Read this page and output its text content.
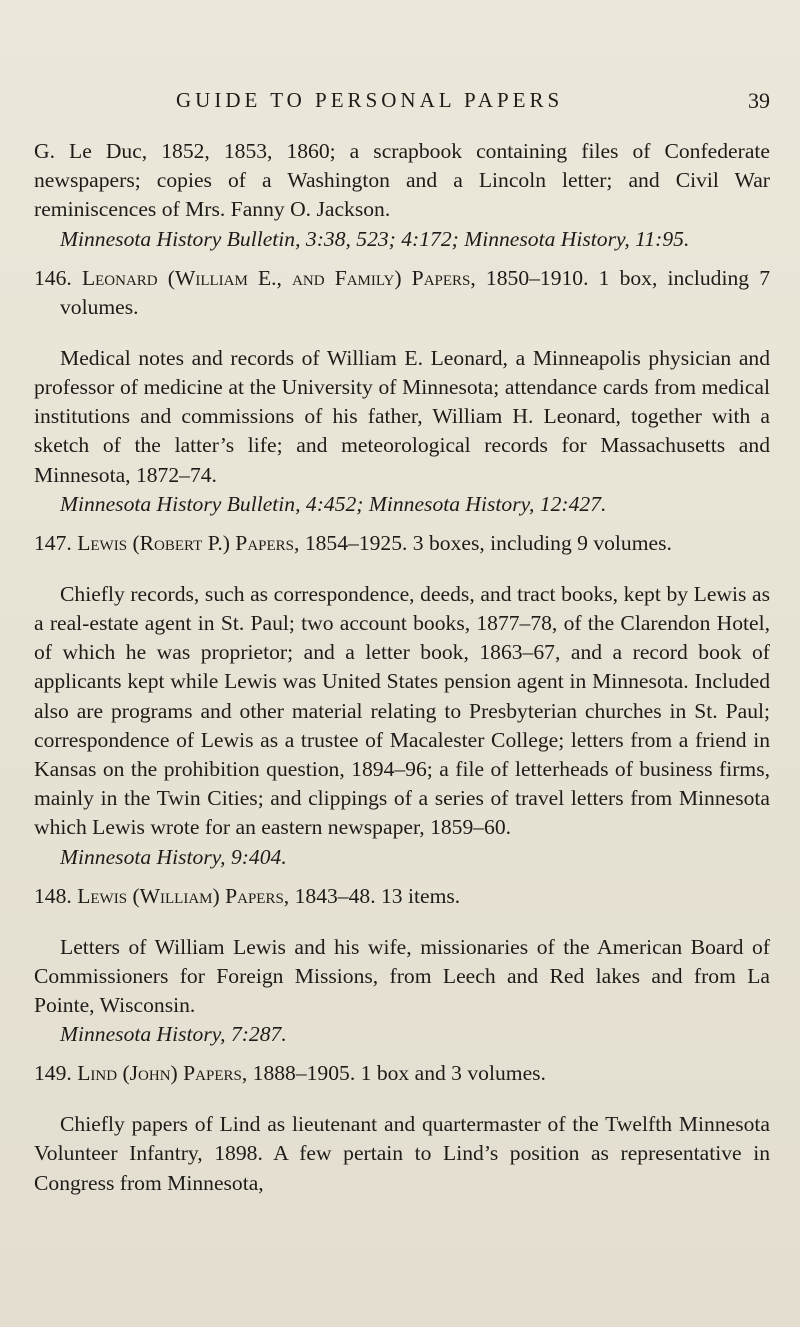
GUIDE TO PERSONAL PAPERS	39

G. Le Duc, 1852, 1853, 1860; a scrapbook containing files of Confederate newspapers; copies of a Washington and a Lincoln letter; and Civil War reminiscences of Mrs. Fanny O. Jackson.

Minnesota History Bulletin, 3:38, 523; 4:172; Minnesota History, 11:95.

146. Leonard (William E., and Family) Papers, 1850–1910. 1 box, including 7 volumes.

Medical notes and records of William E. Leonard, a Minneapolis physician and professor of medicine at the University of Minnesota; attendance cards from medical institutions and commissions of his father, William H. Leonard, together with a sketch of the latter’s life; and meteorological records for Massachusetts and Minnesota, 1872–74.

Minnesota History Bulletin, 4:452; Minnesota History, 12:427.

147. Lewis (Robert P.) Papers, 1854–1925. 3 boxes, including 9 volumes.

Chiefly records, such as correspondence, deeds, and tract books, kept by Lewis as a real-estate agent in St. Paul; two account books, 1877–78, of the Clarendon Hotel, of which he was proprietor; and a letter book, 1863–67, and a record book of applicants kept while Lewis was United States pension agent in Minnesota. Included also are programs and other material relating to Presbyterian churches in St. Paul; correspondence of Lewis as a trustee of Macalester College; letters from a friend in Kansas on the prohibition question, 1894–96; a file of letterheads of business firms, mainly in the Twin Cities; and clippings of a series of travel letters from Minnesota which Lewis wrote for an eastern newspaper, 1859–60.

Minnesota History, 9:404.

148. Lewis (William) Papers, 1843–48. 13 items.

Letters of William Lewis and his wife, missionaries of the American Board of Commissioners for Foreign Missions, from Leech and Red lakes and from La Pointe, Wisconsin.

Minnesota History, 7:287.

149. Lind (John) Papers, 1888–1905. 1 box and 3 volumes.

Chiefly papers of Lind as lieutenant and quartermaster of the Twelfth Minnesota Volunteer Infantry, 1898. A few pertain to Lind’s position as representative in Congress from Minnesota,
